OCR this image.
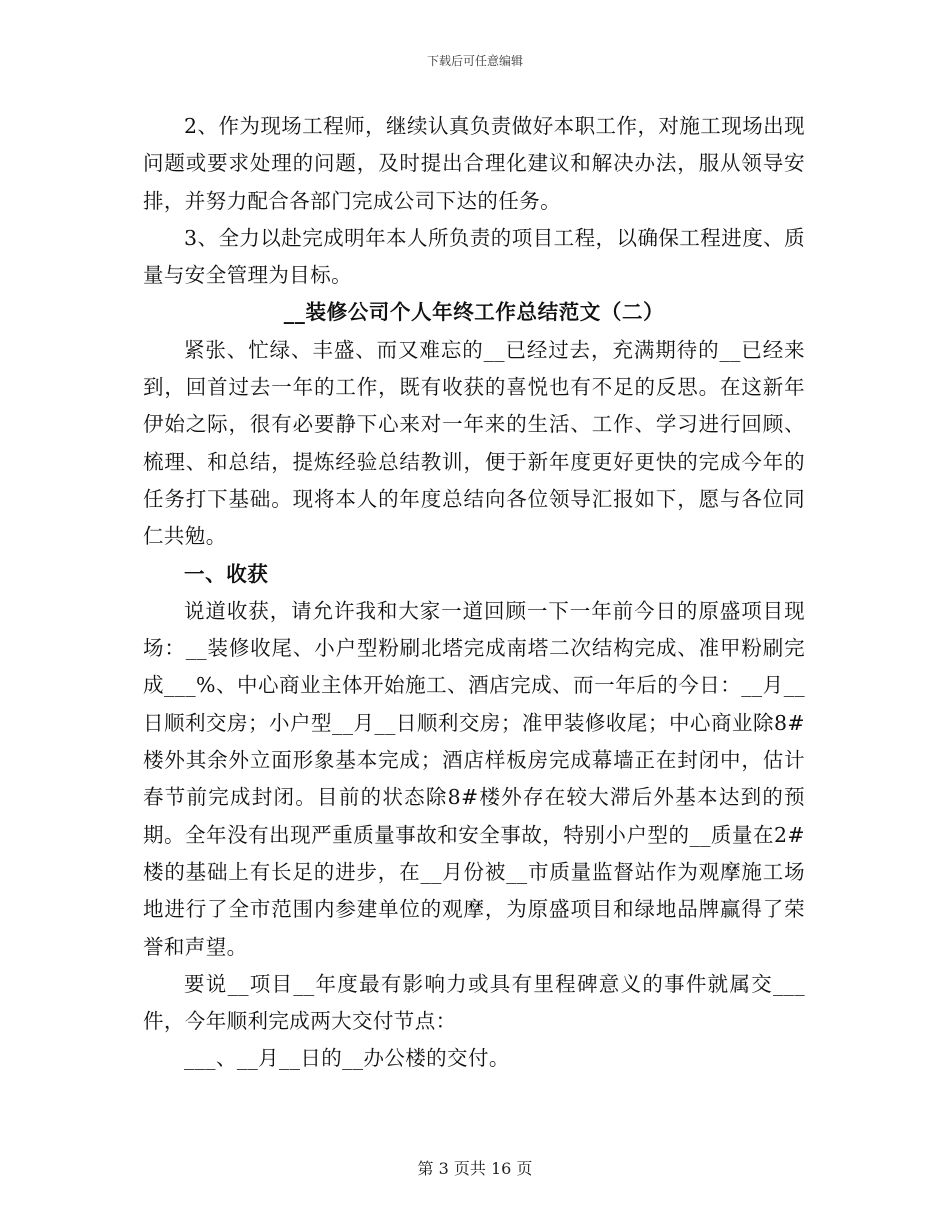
下载后可任意编辑

2、作为现场工程师，继续认真负责做好本职工作，对施工现场出现问题或要求处理的问题，及时提出合理化建议和解决办法，服从领导安排，并努力配合各部门完成公司下达的任务。

3、全力以赴完成明年本人所负责的项目工程，以确保工程进度、质量与安全管理为目标。

__装修公司个人年终工作总结范文（二）

紧张、忙绿、丰盛、而又难忘的__已经过去，充满期待的__已经来到，回首过去一年的工作，既有收获的喜悦也有不足的反思。在这新年伊始之际，很有必要静下心来对一年来的生活、工作、学习进行回顾、梳理、和总结，提炼经验总结教训，便于新年度更好更快的完成今年的任务打下基础。现将本人的年度总结向各位领导汇报如下，愿与各位同仁共勉。

一、收获

说道收获，请允许我和大家一道回顾一下一年前今日的原盛项目现场：__装修收尾、小户型粉刷北塔完成南塔二次结构完成、准甲粉刷完成___%、中心商业主体开始施工、酒店完成、而一年后的今日：__月__日顺利交房；小户型__月__日顺利交房；准甲装修收尾；中心商业除8#楼外其余外立面形象基本完成；酒店样板房完成幕墙正在封闭中，估计春节前完成封闭。目前的状态除8#楼外存在较大滞后外基本达到的预期。全年没有出现严重质量事故和安全事故，特别小户型的__质量在2#楼的基础上有长足的进步，在__月份被__市质量监督站作为观摩施工场地进行了全市范围内参建单位的观摩，为原盛项目和绿地品牌赢得了荣誉和声望。

要说__项目__年度最有影响力或具有里程碑意义的事件就属交___件，今年顺利完成两大交付节点：

___、__月__日的__办公楼的交付。

第 3 页共 16 页
